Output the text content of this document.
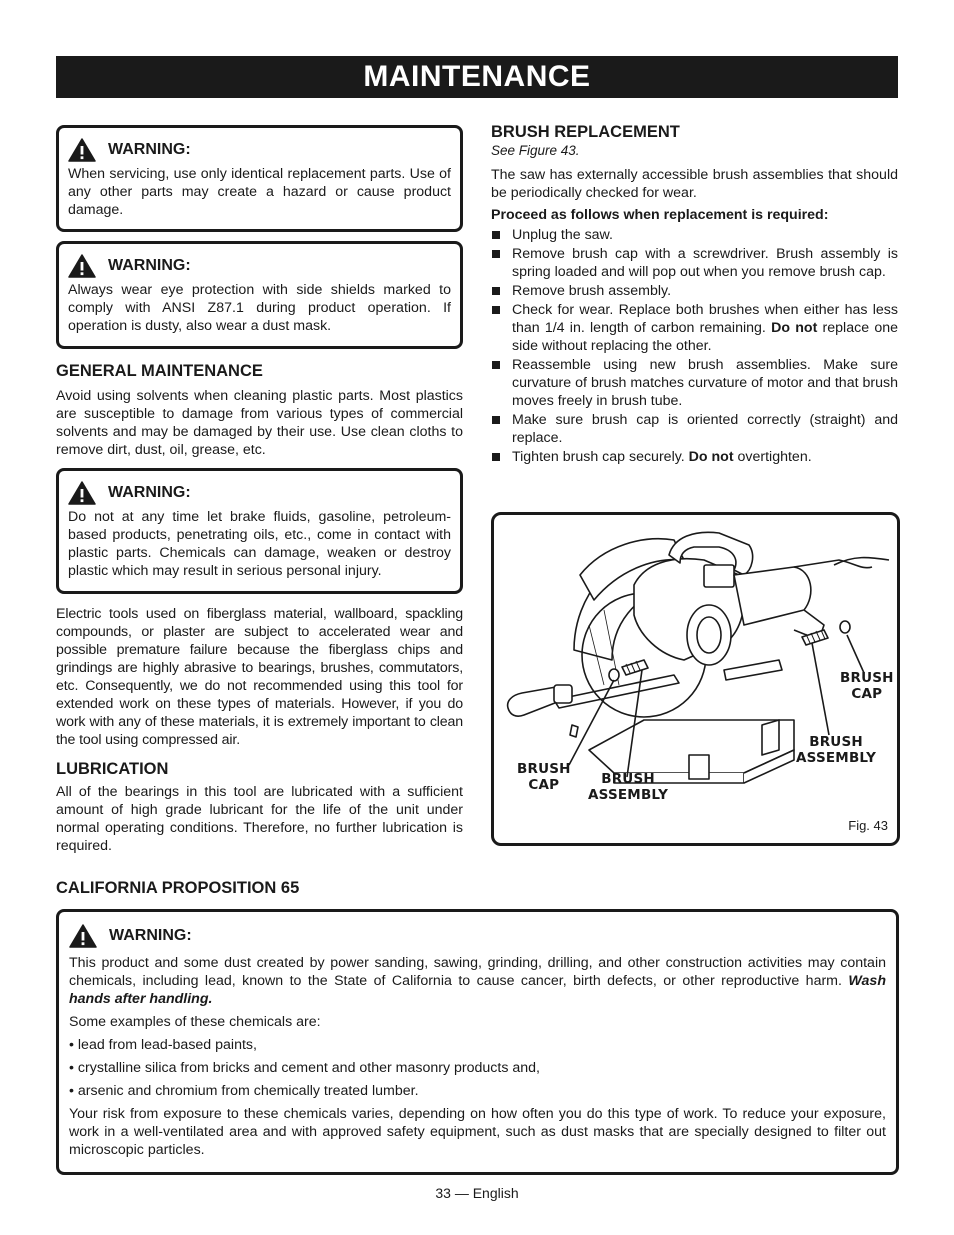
MAINTENANCE
WARNING:

When servicing, use only identical replacement parts. Use of any other parts may create a hazard or cause product damage.

WARNING:

Always wear eye protection with side shields marked to comply with ANSI Z87.1 during product operation. If operation is dusty, also wear a dust mask.

GENERAL MAINTENANCE

Avoid using solvents when cleaning plastic parts. Most plastics are susceptible to damage from various types of commercial solvents and may be damaged by their use. Use clean cloths to remove dirt, dust, oil, grease, etc.

WARNING:

Do not at any time let brake fluids, gasoline, petroleum-based products, penetrating oils, etc., come in contact with plastic parts. Chemicals can damage, weaken or destroy plastic which may result in serious personal injury.

Electric tools used on fiberglass material, wallboard, spackling compounds, or plaster are subject to accelerated wear and possible premature failure because the fiberglass chips and grindings are highly abrasive to bearings, brushes, commutators, etc. Consequently, we do not recommended using this tool for extended work on these types of materials. However, if you do work with any of these materials, it is extremely important to clean the tool using compressed air.

LUBRICATION

All of the bearings in this tool are lubricated with a sufficient amount of high grade lubricant for the life of the unit under normal operating conditions. Therefore, no further lubrication is required.

BRUSH REPLACEMENT

See Figure 43.

The saw has externally accessible brush assemblies that should be periodically checked for wear.

Proceed as follows when replacement is required:

Unplug the saw.
Remove brush cap with a screwdriver. Brush assembly is spring loaded and will pop out when you remove brush cap.
Remove brush assembly.
Check for wear. Replace both brushes when either has less than 1/4 in. length of carbon remaining. Do not replace one side without replacing the other.
Reassemble using new brush assemblies. Make sure curvature of brush matches curvature of motor and that brush moves freely in brush tube.
Make sure brush cap is oriented correctly (straight) and replace.
Tighten brush cap securely. Do not overtighten.
BRUSH
CAP
BRUSH
ASSEMBLY
BRUSH
CAP	BRUSH
ASSEMBLY
Fig. 43
CALIFORNIA PROPOSITION 65
WARNING:

This product and some dust created by power sanding, sawing, grinding, drilling, and other construction activities may contain chemicals, including lead, known to the State of California to cause cancer, birth defects, or other reproductive harm. Wash hands after handling.

Some examples of these chemicals are:

• lead from lead-based paints,

• crystalline silica from bricks and cement and other masonry products and,

• arsenic and chromium from chemically treated lumber.

Your risk from exposure to these chemicals varies, depending on how often you do this type of work. To reduce your exposure, work in a well-ventilated area and with approved safety equipment, such as dust masks that are specially designed to filter out microscopic particles.

33 — English
